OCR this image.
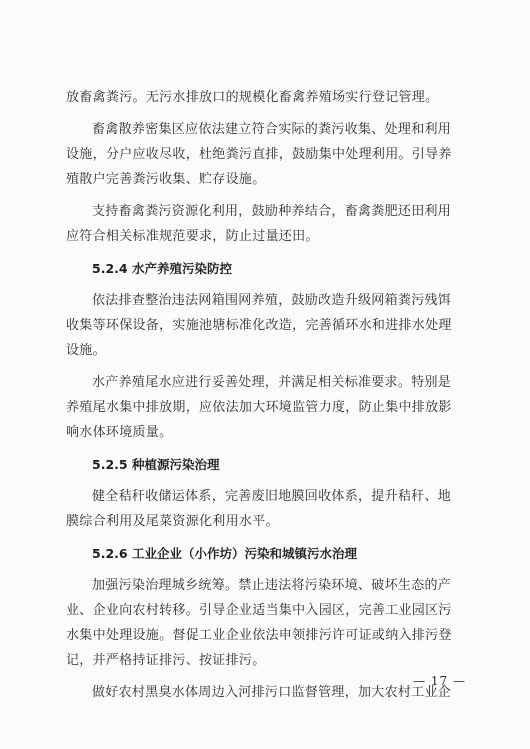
放畜禽粪污。无污水排放口的规模化畜禽养殖场实行登记管理。
畜禽散养密集区应依法建立符合实际的粪污收集、处理和利用
设施，分户应收尽收，杜绝粪污直排，鼓励集中处理利用。引导养
殖散户完善粪污收集、贮存设施。
支持畜禽粪污资源化利用，鼓励种养结合，畜禽粪肥还田利用
应符合相关标准规范要求，防止过量还田。
5.2.4 水产养殖污染防控
依法排查整治违法网箱围网养殖，鼓励改造升级网箱粪污残饵
收集等环保设备，实施池塘标准化改造，完善循环水和进排水处理
设施。
水产养殖尾水应进行妥善处理，并满足相关标准要求。特别是
养殖尾水集中排放期，应依法加大环境监管力度，防止集中排放影
响水体环境质量。
5.2.5 种植源污染治理
健全秸秆收储运体系，完善废旧地膜回收体系，提升秸秆、地
膜综合利用及尾菜资源化利用水平。
5.2.6 工业企业（小作坊）污染和城镇污水治理
加强污染治理城乡统筹。禁止违法将污染环境、破坏生态的产
业、企业向农村转移。引导企业适当集中入园区，完善工业园区污
水集中处理设施。督促工业企业依法申领排污许可证或纳入排污登
记，并严格持证排污、按证排污。
做好农村黑臭水体周边入河排污口监督管理，加大农村工业企
— 17 —
